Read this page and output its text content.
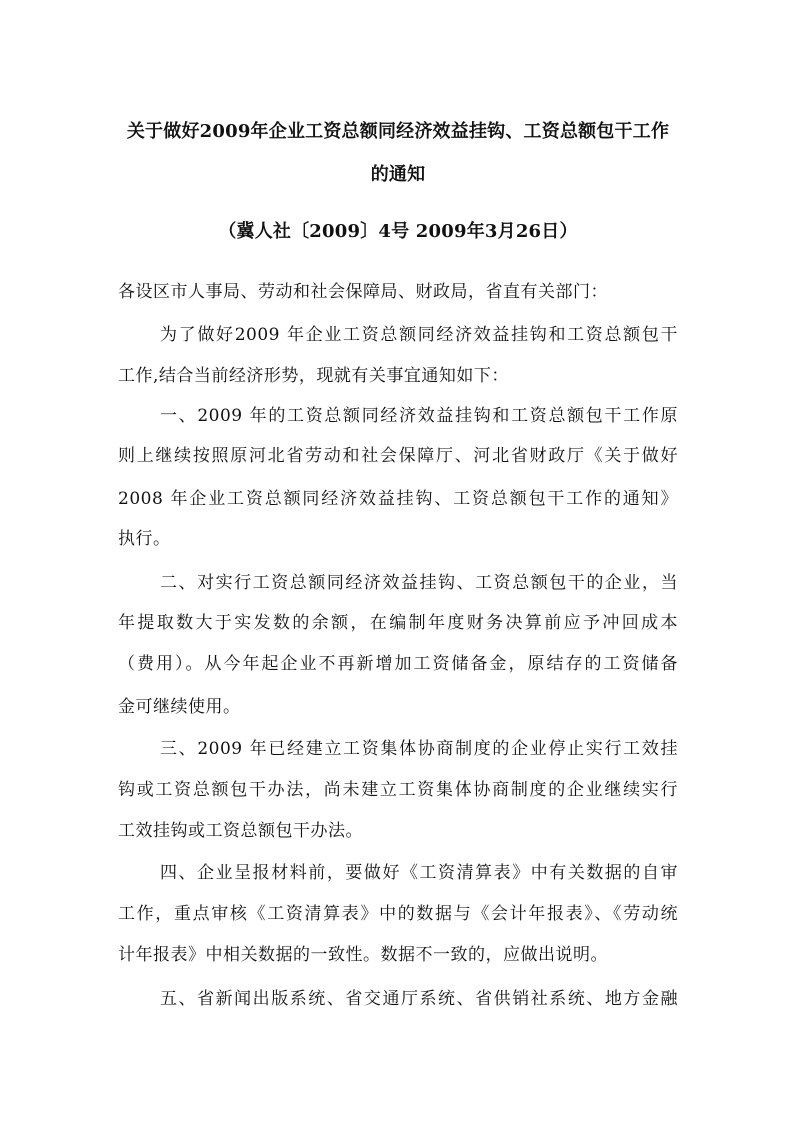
关于做好2009年企业工资总额同经济效益挂钩、工资总额包干工作
的通知
（冀人社〔2009〕4号 2009年3月26日）
各设区市人事局、劳动和社会保障局、财政局，省直有关部门：
为了做好2009 年企业工资总额同经济效益挂钩和工资总额包干
工作,结合当前经济形势，现就有关事宜通知如下：
一、2009 年的工资总额同经济效益挂钩和工资总额包干工作原
则上继续按照原河北省劳动和社会保障厅、河北省财政厅《关于做好
2008 年企业工资总额同经济效益挂钩、工资总额包干工作的通知》
执行。
二、对实行工资总额同经济效益挂钩、工资总额包干的企业，当
年提取数大于实发数的余额，在编制年度财务决算前应予冲回成本
（费用）。从今年起企业不再新增加工资储备金，原结存的工资储备
金可继续使用。
三、2009 年已经建立工资集体协商制度的企业停止实行工效挂
钩或工资总额包干办法，尚未建立工资集体协商制度的企业继续实行
工效挂钩或工资总额包干办法。
四、企业呈报材料前，要做好《工资清算表》中有关数据的自审
工作，重点审核《工资清算表》中的数据与《会计年报表》、《劳动统
计年报表》中相关数据的一致性。数据不一致的，应做出说明。
五、省新闻出版系统、省交通厅系统、省供销社系统、地方金融
